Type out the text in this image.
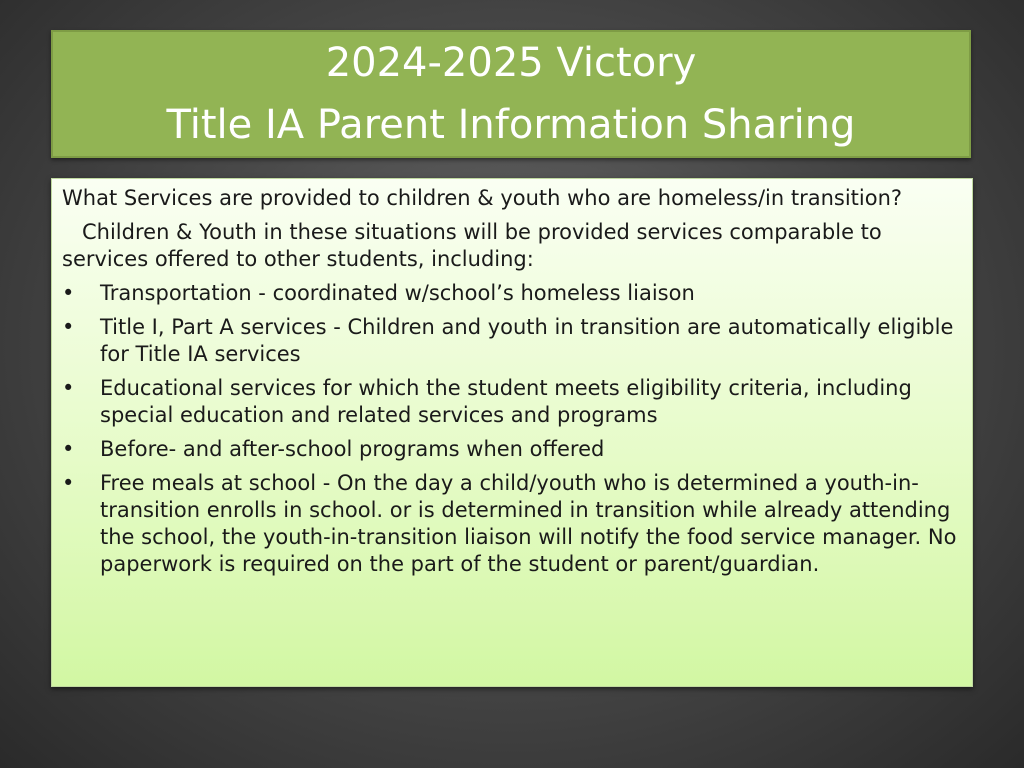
2024-2025 Victory
Title IA Parent Information Sharing
What Services are provided to children & youth who are homeless/in transition?
Children & Youth in these situations will be provided services comparable to services offered to other students, including:
•	Transportation - coordinated w/school’s homeless liaison
•	Title I, Part A services - Children and youth in transition are automatically eligible for Title IA services
•	Educational services for which the student meets eligibility criteria, including special education and related services and programs
•	Before- and after-school programs when offered
•	Free meals at school - On the day a child/youth who is determined a youth-in-transition enrolls in school. or is determined in transition while already attending the school, the youth-in-transition liaison will notify the food service manager. No paperwork is required on the part of the student or parent/guardian.
